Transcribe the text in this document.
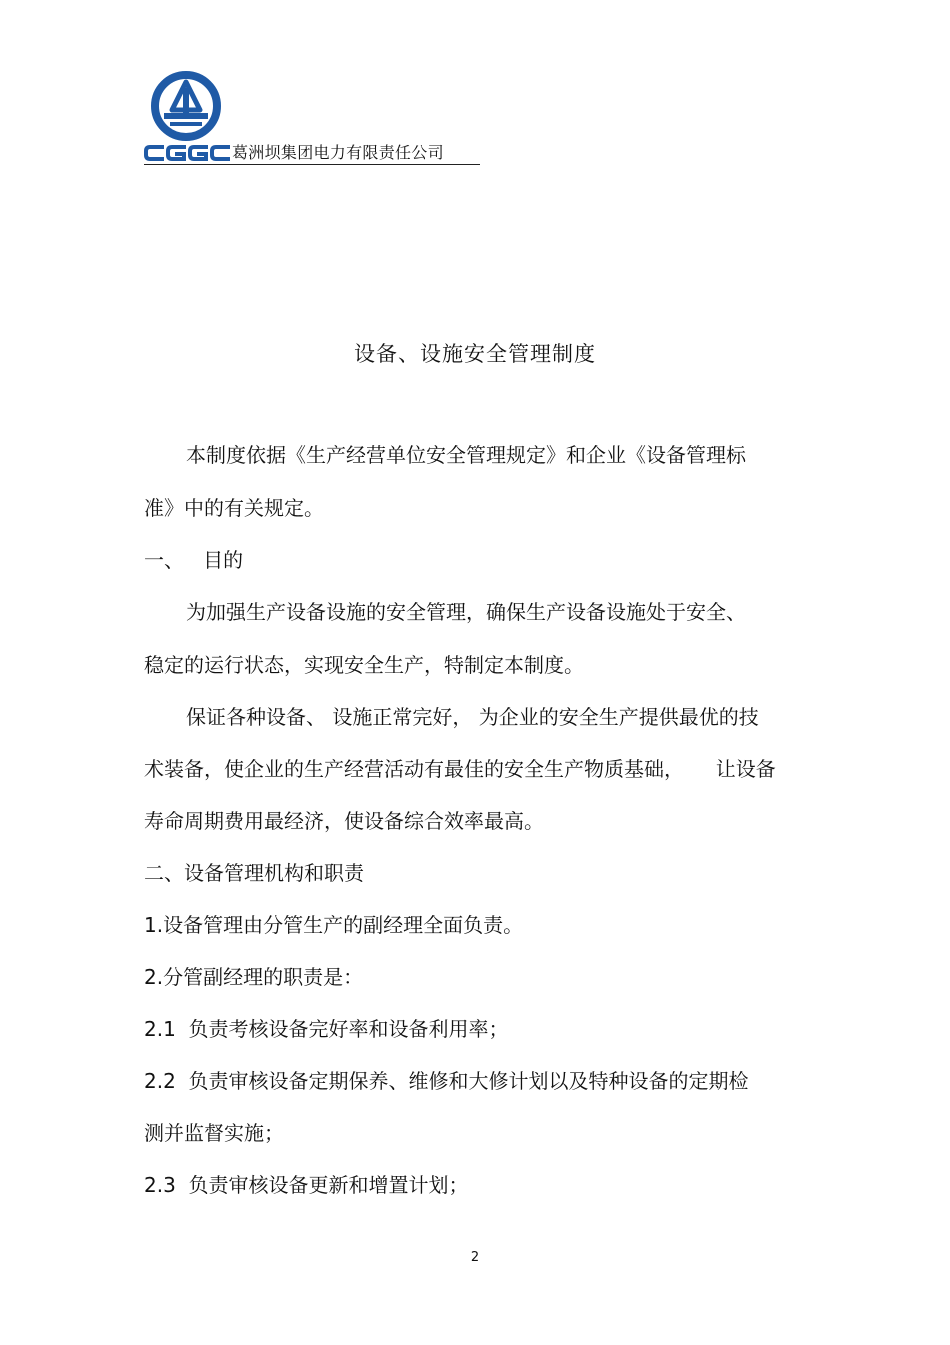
葛洲坝集团电力有限责任公司
设备、设施安全管理制度
本制度依据《生产经营单位安全管理规定》和企业《设备管理标
准》中的有关规定。
一、   目的
为加强生产设备设施的安全管理，确保生产设备设施处于安全、
稳定的运行状态，实现安全生产，特制定本制度。
保证各种设备、 设施正常完好， 为企业的安全生产提供最优的技
术装备，使企业的生产经营活动有最佳的安全生产物质基础，     让设备
寿命周期费用最经济，使设备综合效率最高。
二、设备管理机构和职责
1.设备管理由分管生产的副经理全面负责。
2.分管副经理的职责是：
2.1  负责考核设备完好率和设备利用率；
2.2  负责审核设备定期保养、维修和大修计划以及特种设备的定期检
测并监督实施；
2.3  负责审核设备更新和增置计划；
2
